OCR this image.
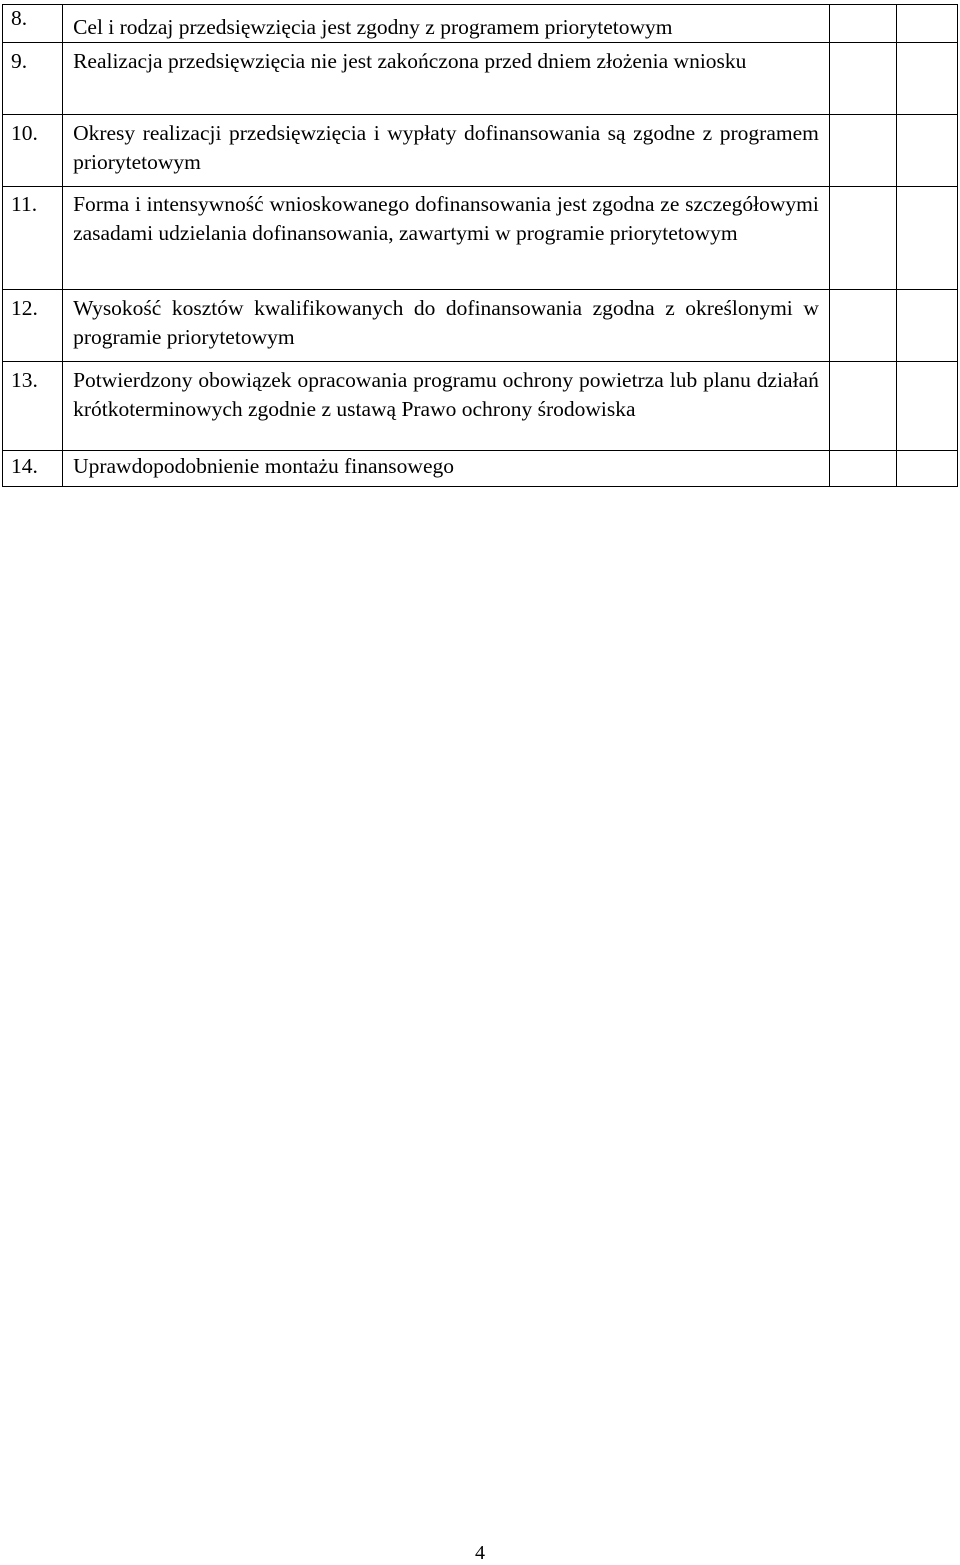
8.	Cel i rodzaj przedsięwzięcia jest zgodny z programem priorytetowym		
9.	Realizacja przedsięwzięcia nie jest zakończona przed dniem złożenia wniosku		
10.	Okresy realizacji przedsięwzięcia i wypłaty dofinansowania są zgodne z programem priorytetowym		
11.	Forma i intensywność wnioskowanego dofinansowania jest zgodna ze szczegółowymi zasadami udzielania dofinansowania, zawartymi w programie priorytetowym		
12.	Wysokość kosztów kwalifikowanych do dofinansowania zgodna z określonymi w programie priorytetowym		
13.	Potwierdzony obowiązek opracowania programu ochrony powietrza lub planu działań krótkoterminowych zgodnie z ustawą Prawo ochrony środowiska		
14.	Uprawdopodobnienie montażu finansowego		
4
